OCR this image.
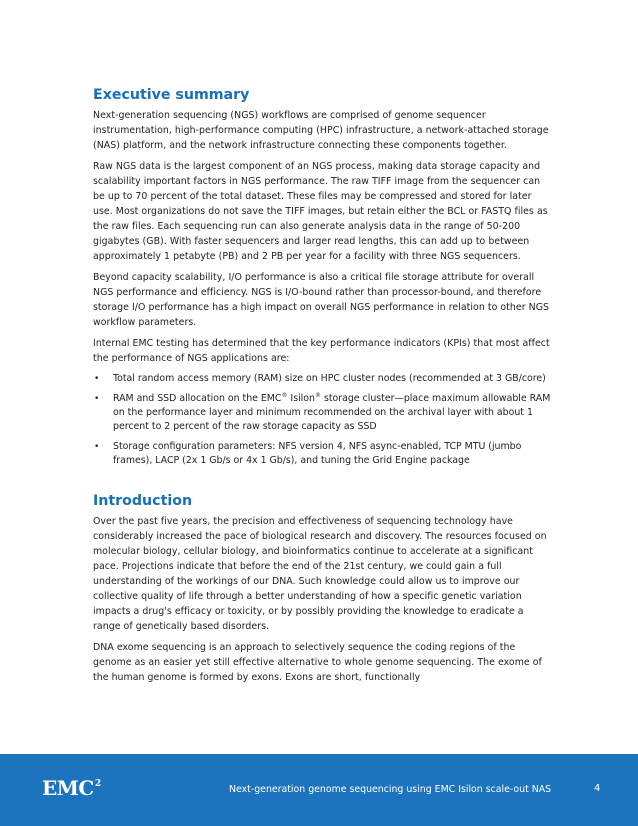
Executive summary

Next-generation sequencing (NGS) workflows are comprised of genome sequencer instrumentation, high-performance computing (HPC) infrastructure, a network-attached storage (NAS) platform, and the network infrastructure connecting these components together.

Raw NGS data is the largest component of an NGS process, making data storage capacity and scalability important factors in NGS performance. The raw TIFF image from the sequencer can be up to 70 percent of the total dataset. These files may be compressed and stored for later use. Most organizations do not save the TIFF images, but retain either the BCL or FASTQ files as the raw files. Each sequencing run can also generate analysis data in the range of 50-200 gigabytes (GB). With faster sequencers and larger read lengths, this can add up to between approximately 1 petabyte (PB) and 2 PB per year for a facility with three NGS sequencers.

Beyond capacity scalability, I/O performance is also a critical file storage attribute for overall NGS performance and efficiency. NGS is I/O-bound rather than processor-bound, and therefore storage I/O performance has a high impact on overall NGS performance in relation to other NGS workflow parameters.

Internal EMC testing has determined that the key performance indicators (KPIs) that most affect the performance of NGS applications are:

• Total random access memory (RAM) size on HPC cluster nodes (recommended at 3 GB/core)
• RAM and SSD allocation on the EMC® Isilon® storage cluster—place maximum allowable RAM on the performance layer and minimum recommended on the archival layer with about 1 percent to 2 percent of the raw storage capacity as SSD
• Storage configuration parameters: NFS version 4, NFS async-enabled, TCP MTU (jumbo frames), LACP (2x 1 Gb/s or 4x 1 Gb/s), and tuning the Grid Engine package
Introduction

Over the past five years, the precision and effectiveness of sequencing technology have considerably increased the pace of biological research and discovery. The resources focused on molecular biology, cellular biology, and bioinformatics continue to accelerate at a significant pace. Projections indicate that before the end of the 21st century, we could gain a full understanding of the workings of our DNA. Such knowledge could allow us to improve our collective quality of life through a better understanding of how a specific genetic variation impacts a drug's efficacy or toxicity, or by possibly providing the knowledge to eradicate a range of genetically based disorders.

DNA exome sequencing is an approach to selectively sequence the coding regions of the genome as an easier yet still effective alternative to whole genome sequencing. The exome of the human genome is formed by exons. Exons are short, functionally

EMC$^2$	Next-generation genome sequencing using EMC Isilon scale-out NAS	4
